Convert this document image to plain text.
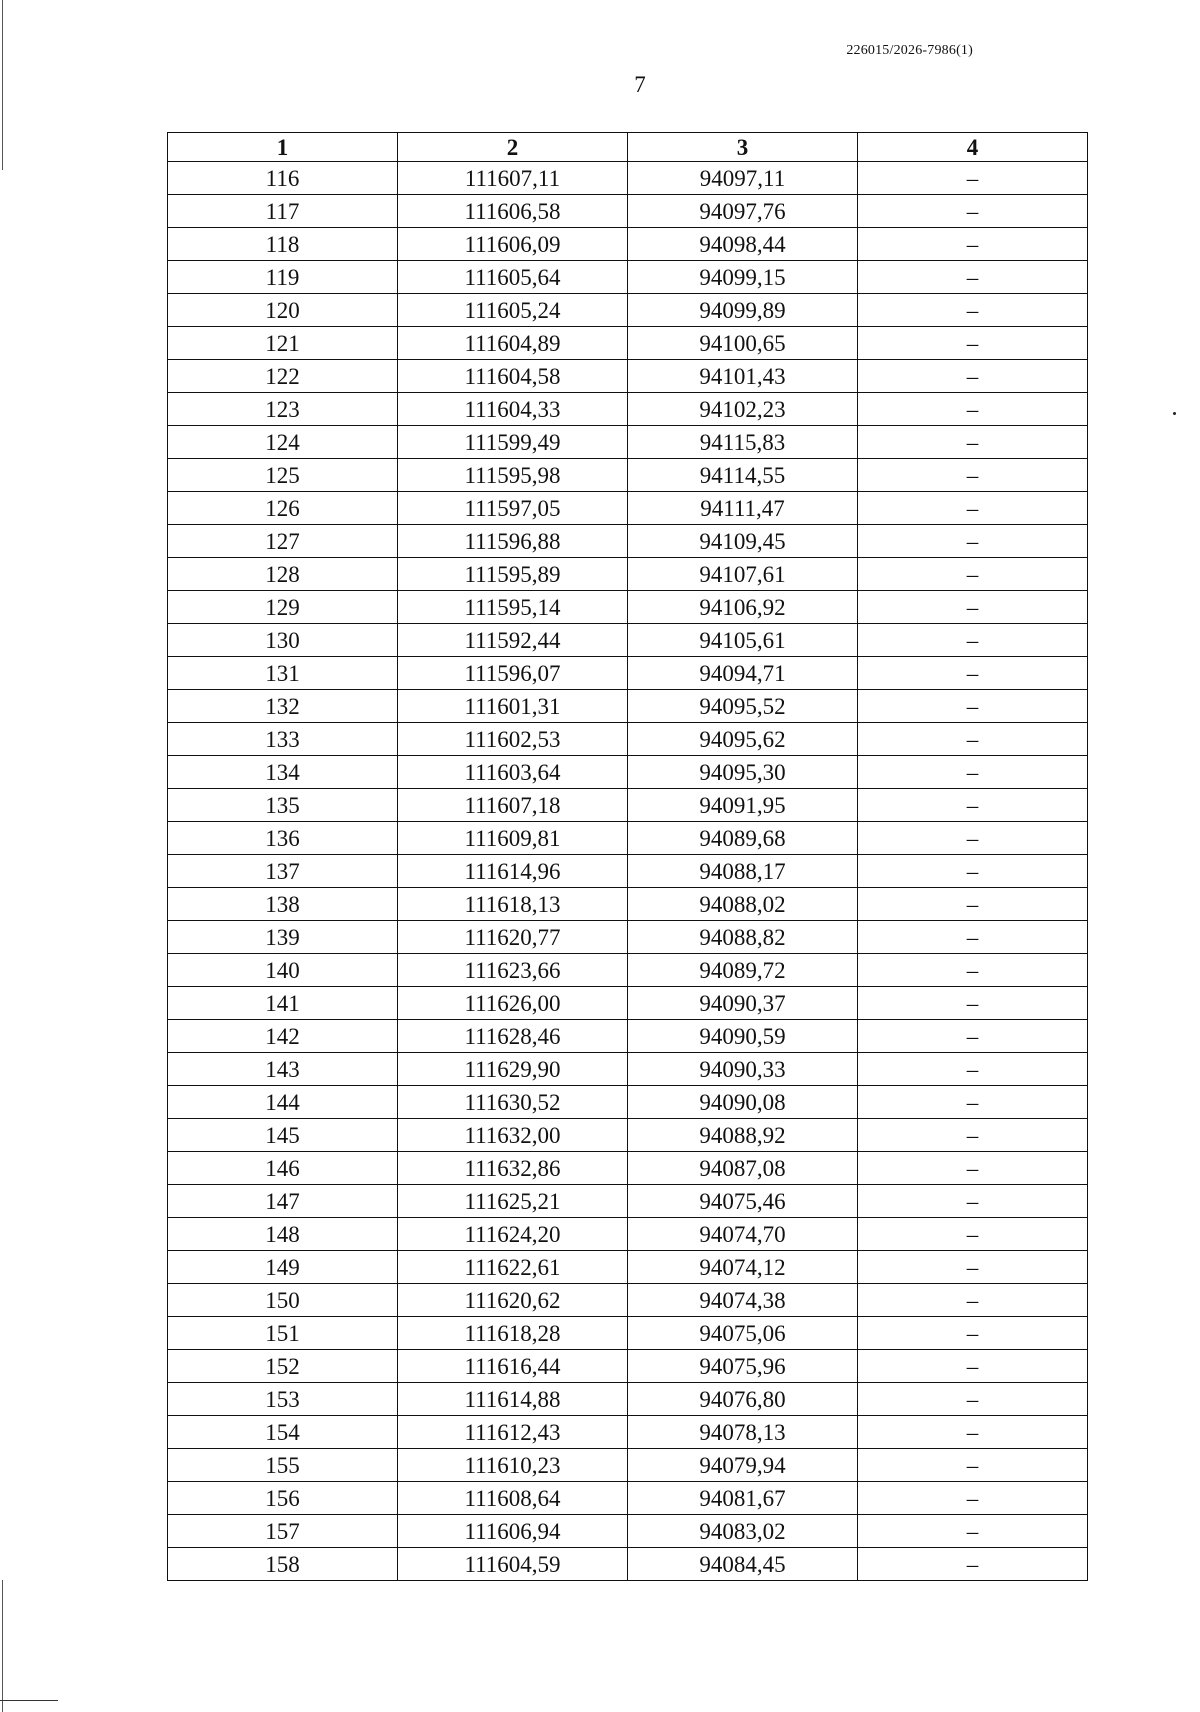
226015/2026-7986(1)
7
1	2	3	4
116	111607,11	94097,11	–
117	111606,58	94097,76	–
118	111606,09	94098,44	–
119	111605,64	94099,15	–
120	111605,24	94099,89	–
121	111604,89	94100,65	–
122	111604,58	94101,43	–
123	111604,33	94102,23	–
124	111599,49	94115,83	–
125	111595,98	94114,55	–
126	111597,05	94111,47	–
127	111596,88	94109,45	–
128	111595,89	94107,61	–
129	111595,14	94106,92	–
130	111592,44	94105,61	–
131	111596,07	94094,71	–
132	111601,31	94095,52	–
133	111602,53	94095,62	–
134	111603,64	94095,30	–
135	111607,18	94091,95	–
136	111609,81	94089,68	–
137	111614,96	94088,17	–
138	111618,13	94088,02	–
139	111620,77	94088,82	–
140	111623,66	94089,72	–
141	111626,00	94090,37	–
142	111628,46	94090,59	–
143	111629,90	94090,33	–
144	111630,52	94090,08	–
145	111632,00	94088,92	–
146	111632,86	94087,08	–
147	111625,21	94075,46	–
148	111624,20	94074,70	–
149	111622,61	94074,12	–
150	111620,62	94074,38	–
151	111618,28	94075,06	–
152	111616,44	94075,96	–
153	111614,88	94076,80	–
154	111612,43	94078,13	–
155	111610,23	94079,94	–
156	111608,64	94081,67	–
157	111606,94	94083,02	–
158	111604,59	94084,45	–
